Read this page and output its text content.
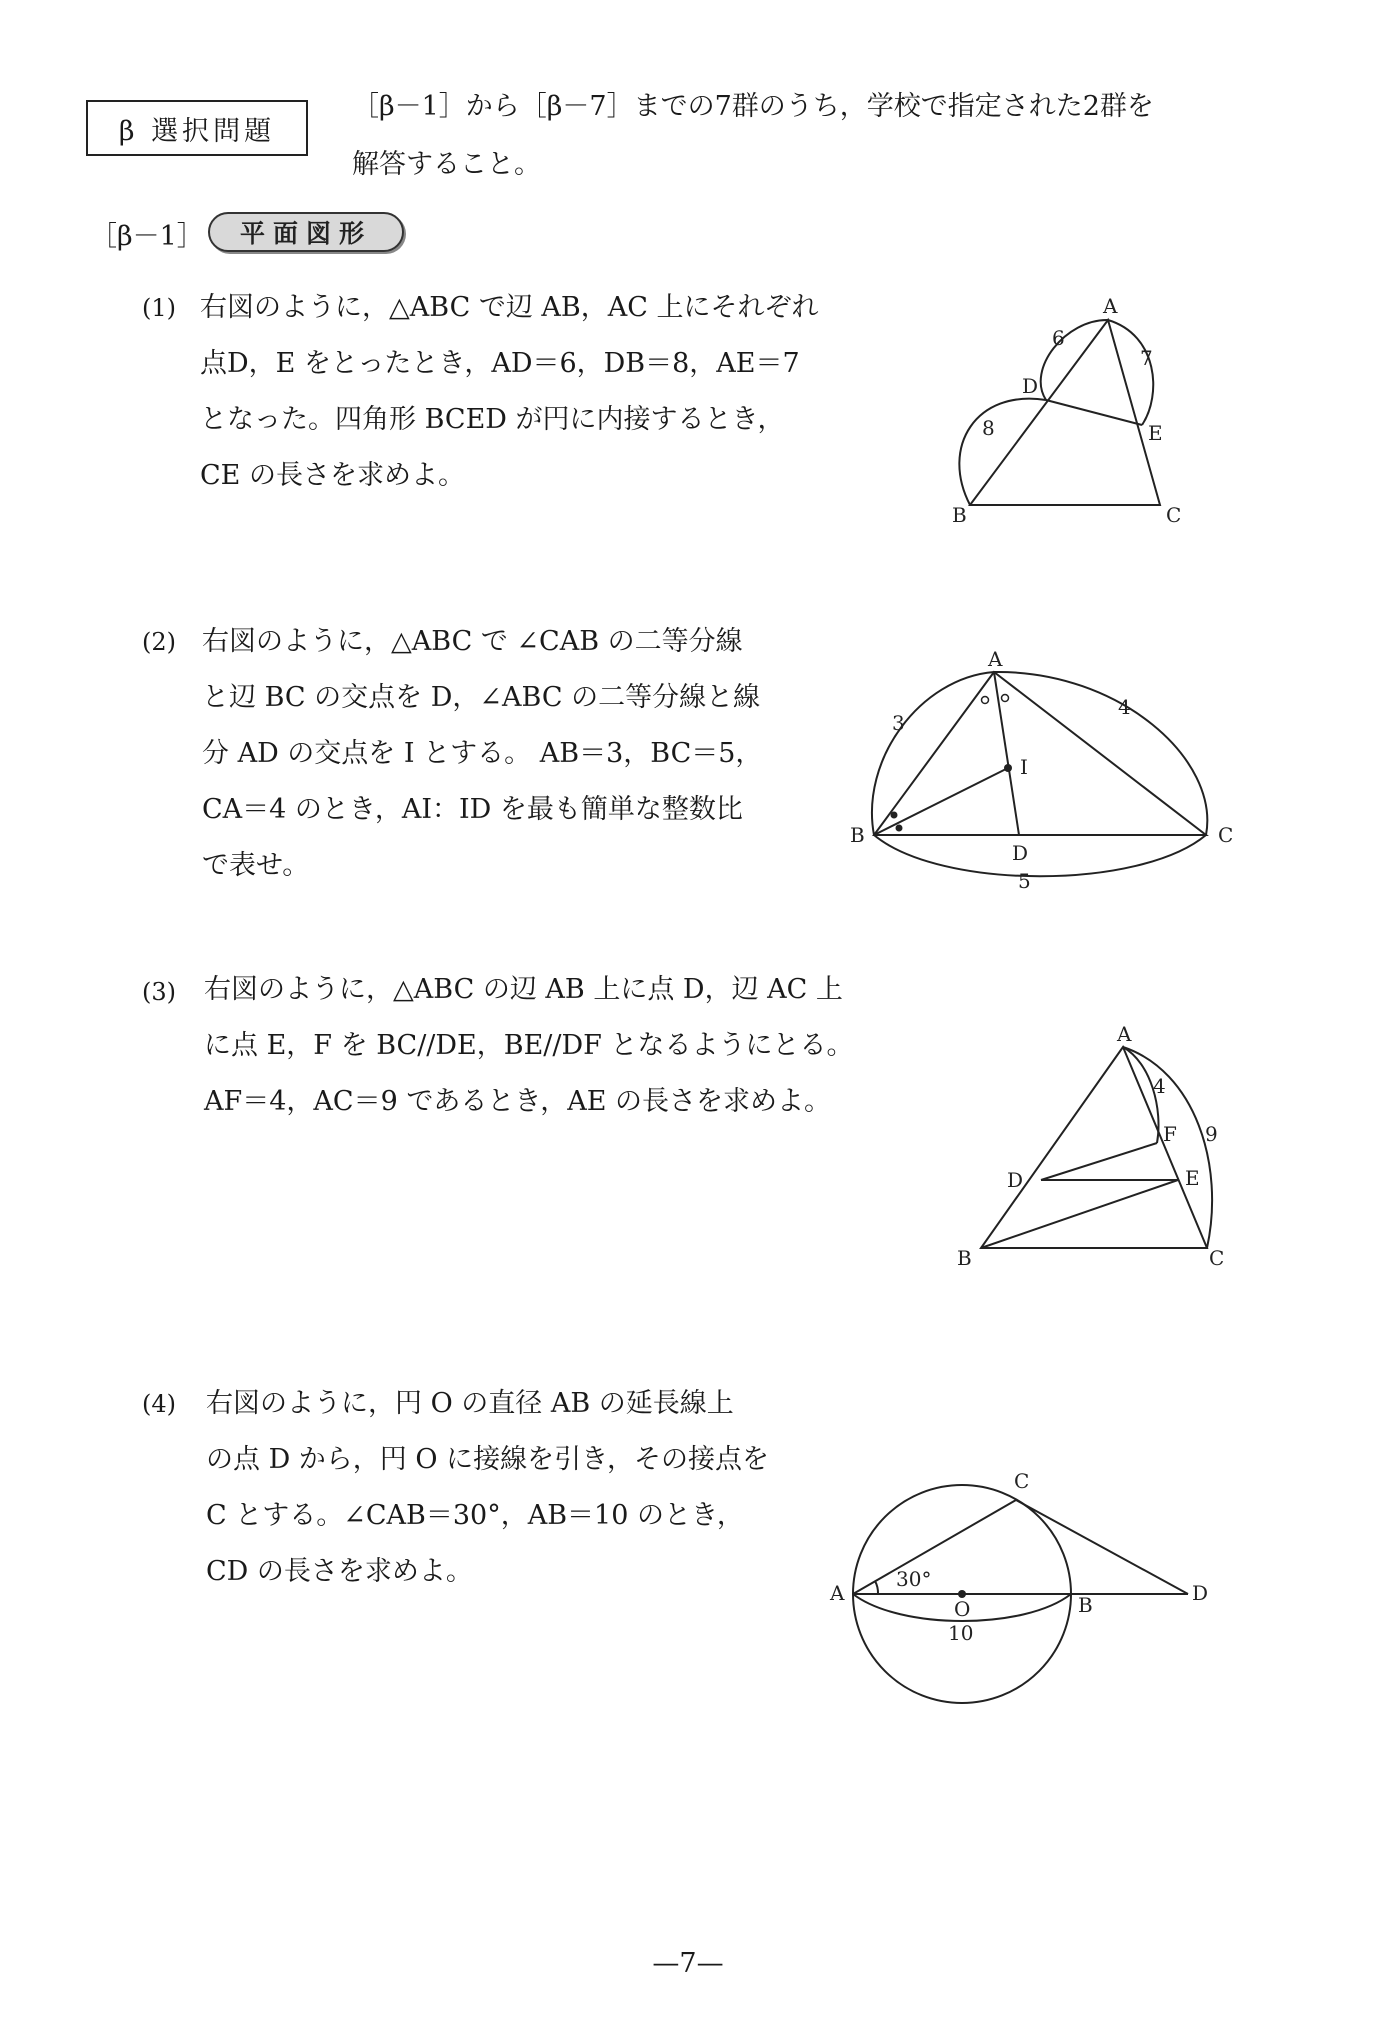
β 選択問題
［β－1］から［β－7］までの7群のうち，学校で指定された2群を
解答すること。
［β－1］	平面図形
(1) 右図のように，△ABC で辺 AB，AC 上にそれぞれ
点D，E をとったとき，AD＝6，DB＝8，AE＝7
となった。四角形 BCED が円に内接するとき，
CE の長さを求めよ。
A
B	C
D
E
6
8
7
(2) 右図のように，△ABC で ∠CAB の二等分線
と辺 BC の交点を D，∠ABC の二等分線と線
分 AD の交点を I とする。 AB＝3，BC＝5，
CA＝4 のとき，AI：ID を最も簡単な整数比
で表せ。
A
B	C
D
I
3
4
5
(3) 右図のように，△ABC の辺 AB 上に点 D，辺 AC 上
に点 E，F を BC//DE，BE//DF となるようにとる。
AF＝4，AC＝9 であるとき，AE の長さを求めよ。
A
B	C
D	E
F
4
9
(4) 右図のように，円 O の直径 AB の延長線上
の点 D から，円 O に接線を引き，その接点を
C とする。∠CAB＝30°，AB＝10 のとき，
CD の長さを求めよ。
A	B
C
D
O
30°
10
—7—
